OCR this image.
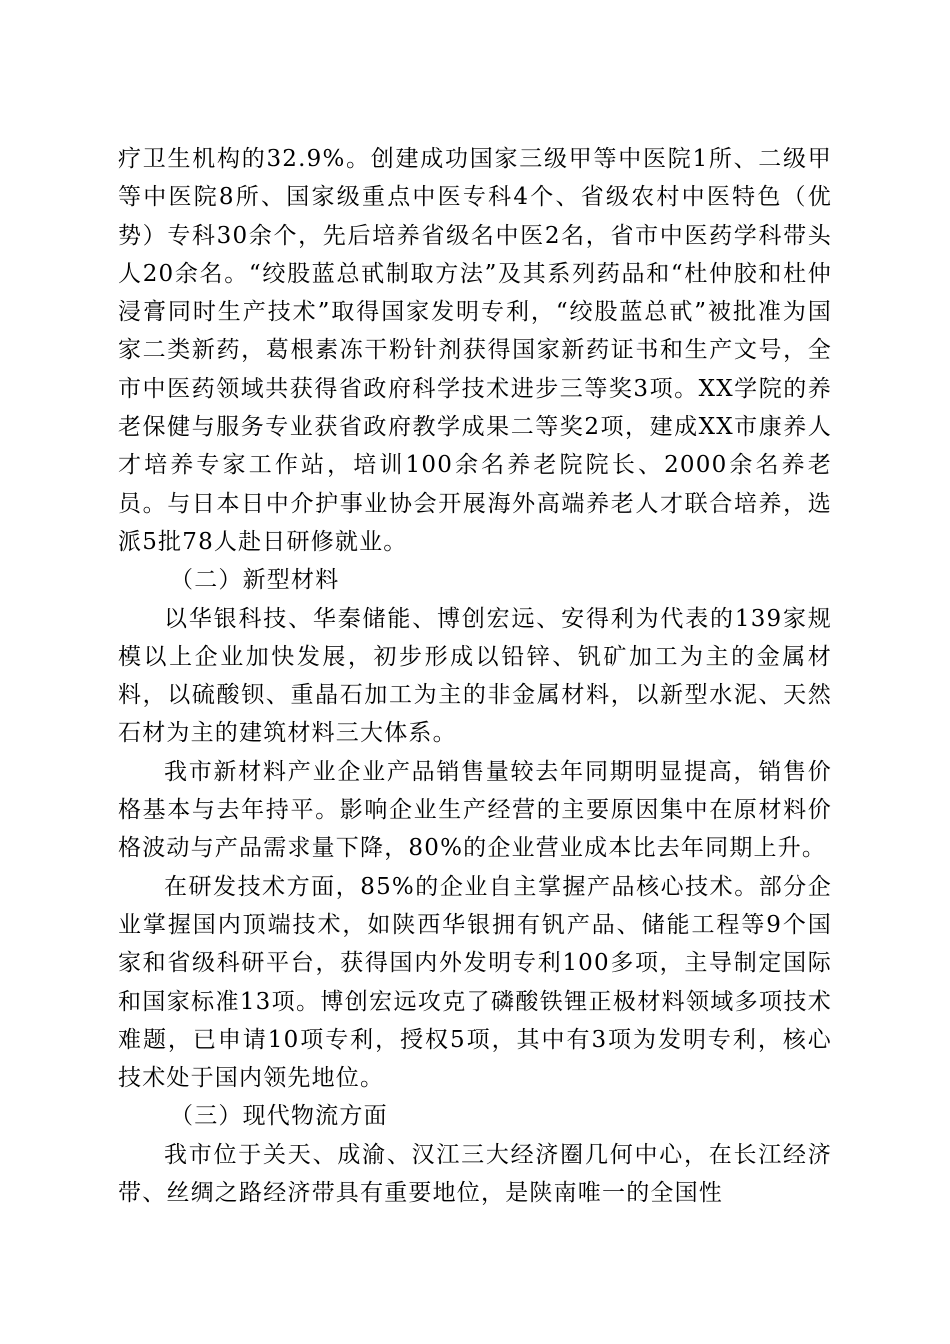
疗卫生机构的32.9%。创建成功国家三级甲等中医院1所、二级甲等中医院8所、国家级重点中医专科4个、省级农村中医特色（优势）专科30余个，先后培养省级名中医2名，省市中医药学科带头人20余名。“绞股蓝总甙制取方法”及其系列药品和“杜仲胶和杜仲浸膏同时生产技术”取得国家发明专利，“绞股蓝总甙”被批准为国家二类新药，葛根素冻干粉针剂获得国家新药证书和生产文号，全市中医药领域共获得省政府科学技术进步三等奖3项。XX学院的养老保健与服务专业获省政府教学成果二等奖2项，建成XX市康养人才培养专家工作站，培训100余名养老院院长、2000余名养老员。与日本日中介护事业协会开展海外高端养老人才联合培养，选派5批78人赴日研修就业。

（二）新型材料

以华银科技、华秦储能、博创宏远、安得利为代表的139家规模以上企业加快发展，初步形成以铅锌、钒矿加工为主的金属材料，以硫酸钡、重晶石加工为主的非金属材料，以新型水泥、天然石材为主的建筑材料三大体系。

我市新材料产业企业产品销售量较去年同期明显提高，销售价格基本与去年持平。影响企业生产经营的主要原因集中在原材料价格波动与产品需求量下降，80%的企业营业成本比去年同期上升。

在研发技术方面，85%的企业自主掌握产品核心技术。部分企业掌握国内顶端技术，如陕西华银拥有钒产品、储能工程等9个国家和省级科研平台，获得国内外发明专利100多项，主导制定国际和国家标准13项。博创宏远攻克了磷酸铁锂正极材料领域多项技术难题，已申请10项专利，授权5项，其中有3项为发明专利，核心技术处于国内领先地位。

（三）现代物流方面

我市位于关天、成渝、汉江三大经济圈几何中心，在长江经济带、丝绸之路经济带具有重要地位，是陕南唯一的全国性
